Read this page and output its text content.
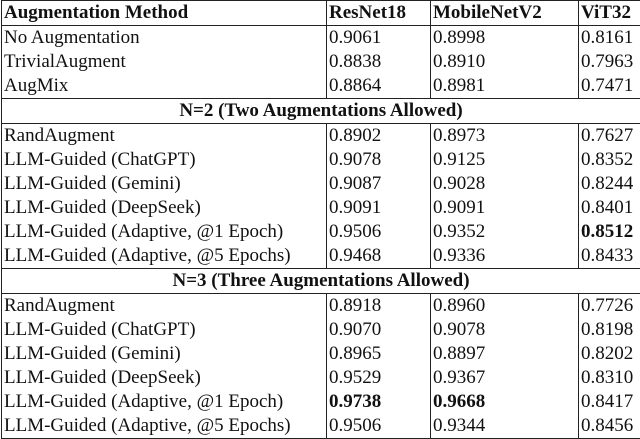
Augmentation Method	ResNet18	MobileNetV2	ViT32
No Augmentation	0.9061	0.8998	0.8161
TrivialAugment	0.8838	0.8910	0.7963
AugMix	0.8864	0.8981	0.7471
N=2 (Two Augmentations Allowed)			
RandAugment	0.8902	0.8973	0.7627
LLM-Guided (ChatGPT)	0.9078	0.9125	0.8352
LLM-Guided (Gemini)	0.9087	0.9028	0.8244
LLM-Guided (DeepSeek)	0.9091	0.9091	0.8401
LLM-Guided (Adaptive, @1 Epoch)	0.9506	0.9352	0.8512
LLM-Guided (Adaptive, @5 Epochs)	0.9468	0.9336	0.8433
N=3 (Three Augmentations Allowed)			
RandAugment	0.8918	0.8960	0.7726
LLM-Guided (ChatGPT)	0.9070	0.9078	0.8198
LLM-Guided (Gemini)	0.8965	0.8897	0.8202
LLM-Guided (DeepSeek)	0.9529	0.9367	0.8310
LLM-Guided (Adaptive, @1 Epoch)	0.9738	0.9668	0.8417
LLM-Guided (Adaptive, @5 Epochs)	0.9506	0.9344	0.8456
